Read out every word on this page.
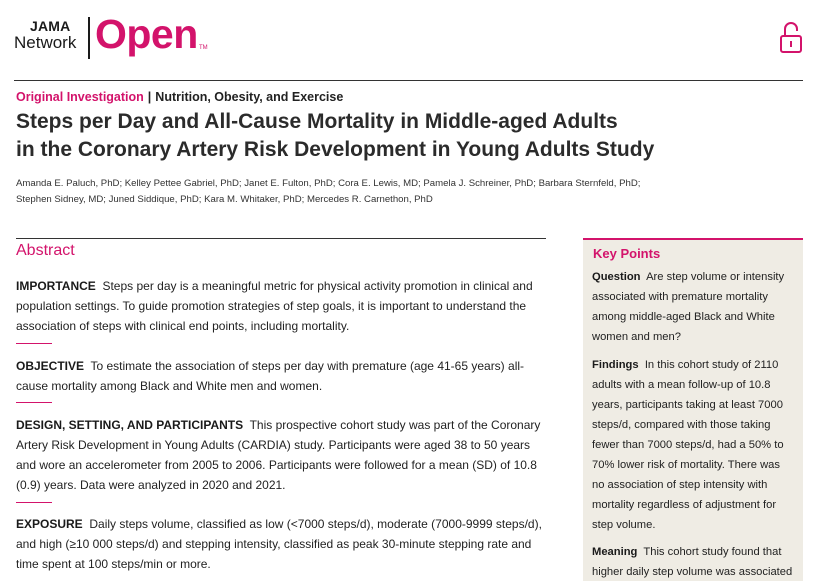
JAMA
Network Open TM
Original Investigation | Nutrition, Obesity, and Exercise
Steps per Day and All-Cause Mortality in Middle-aged Adults
in the Coronary Artery Risk Development in Young Adults Study
Amanda E. Paluch, PhD; Kelley Pettee Gabriel, PhD; Janet E. Fulton, PhD; Cora E. Lewis, MD; Pamela J. Schreiner, PhD; Barbara Sternfeld, PhD;
Stephen Sidney, MD; Juned Siddique, PhD; Kara M. Whitaker, PhD; Mercedes R. Carnethon, PhD
Abstract
IMPORTANCE Steps per day is a meaningful metric for physical activity promotion in clinical and population settings. To guide promotion strategies of step goals, it is important to understand the association of steps with clinical end points, including mortality.
OBJECTIVE To estimate the association of steps per day with premature (age 41-65 years) all-cause mortality among Black and White men and women.
DESIGN, SETTING, AND PARTICIPANTS This prospective cohort study was part of the Coronary Artery Risk Development in Young Adults (CARDIA) study. Participants were aged 38 to 50 years and wore an accelerometer from 2005 to 2006. Participants were followed for a mean (SD) of 10.8 (0.9) years. Data were analyzed in 2020 and 2021.
EXPOSURE Daily steps volume, classified as low (<7000 steps/d), moderate (7000-9999 steps/d), and high (≥10 000 steps/d) and stepping intensity, classified as peak 30-minute stepping rate and time spent at 100 steps/min or more.
Key Points
Question Are step volume or intensity associated with premature mortality among middle-aged Black and White women and men?
Findings In this cohort study of 2110 adults with a mean follow-up of 10.8 years, participants taking at least 7000 steps/d, compared with those taking fewer than 7000 steps/d, had a 50% to 70% lower risk of mortality. There was no association of step intensity with mortality regardless of adjustment for step volume.
Meaning This cohort study found that higher daily step volume was associated
